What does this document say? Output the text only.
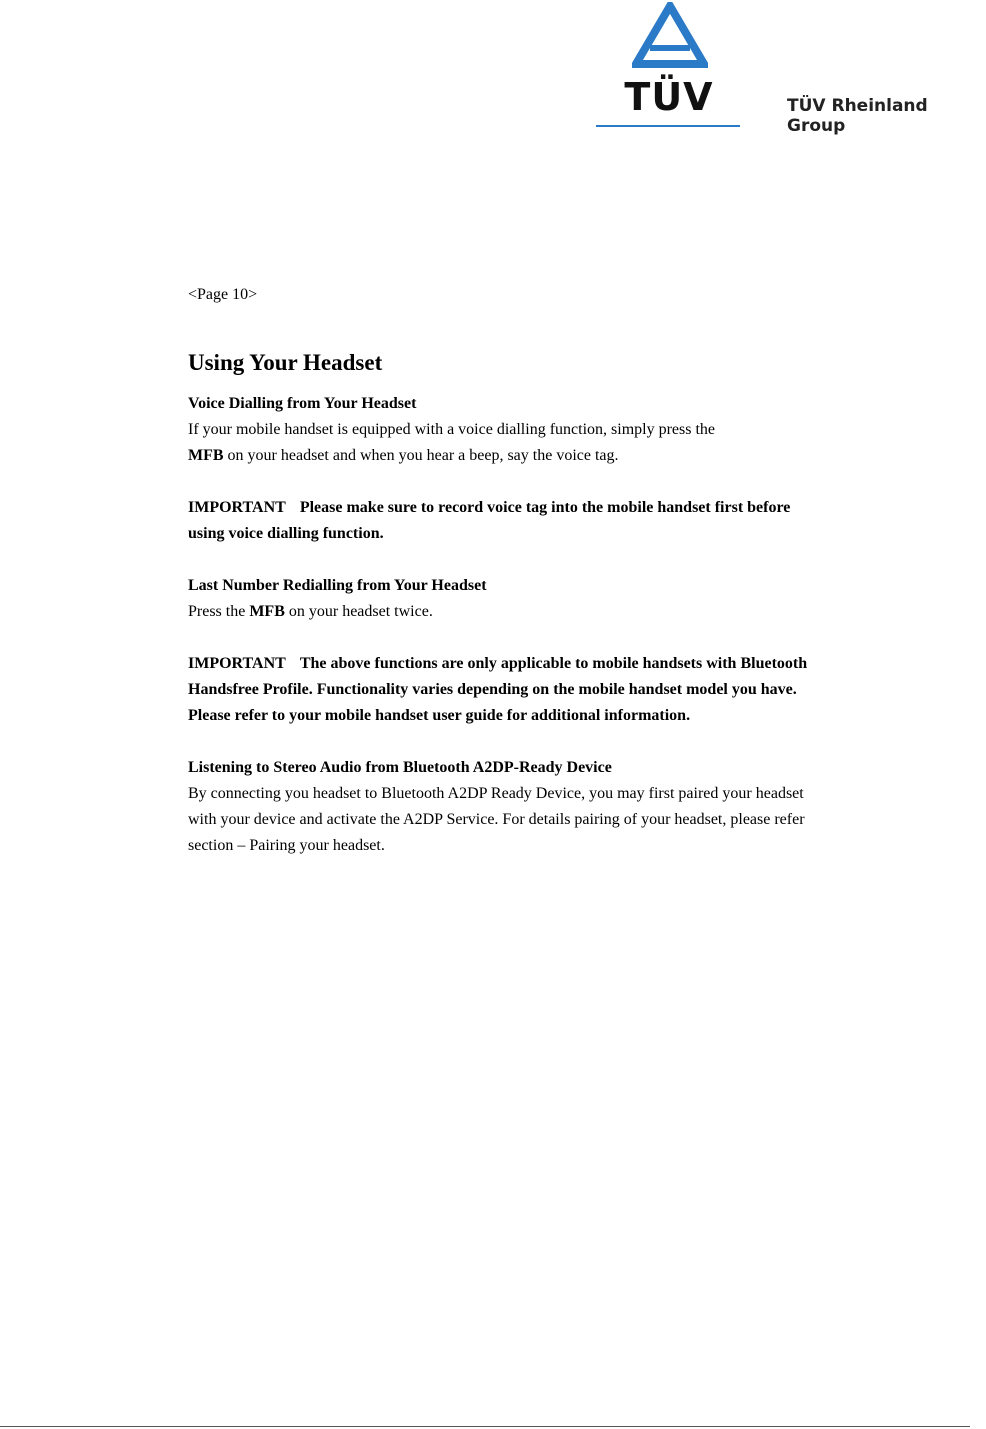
TÜV	TÜV Rheinland Group

<Page 10>

Using Your Headset

Voice Dialling from Your Headset

If your mobile handset is equipped with a voice dialling function, simply press the

MFB on your headset and when you hear a beep, say the voice tag.

IMPORTANT Please make sure to record voice tag into the mobile handset first before using voice dialling function.

Last Number Redialling from Your Headset

Press the MFB on your headset twice.

IMPORTANT The above functions are only applicable to mobile handsets with Bluetooth Handsfree Profile. Functionality varies depending on the mobile handset model you have. Please refer to your mobile handset user guide for additional information.

Listening to Stereo Audio from Bluetooth A2DP-Ready Device

By connecting you headset to Bluetooth A2DP Ready Device, you may first paired your headset with your device and activate the A2DP Service. For details pairing of your headset, please refer section – Pairing your headset.
